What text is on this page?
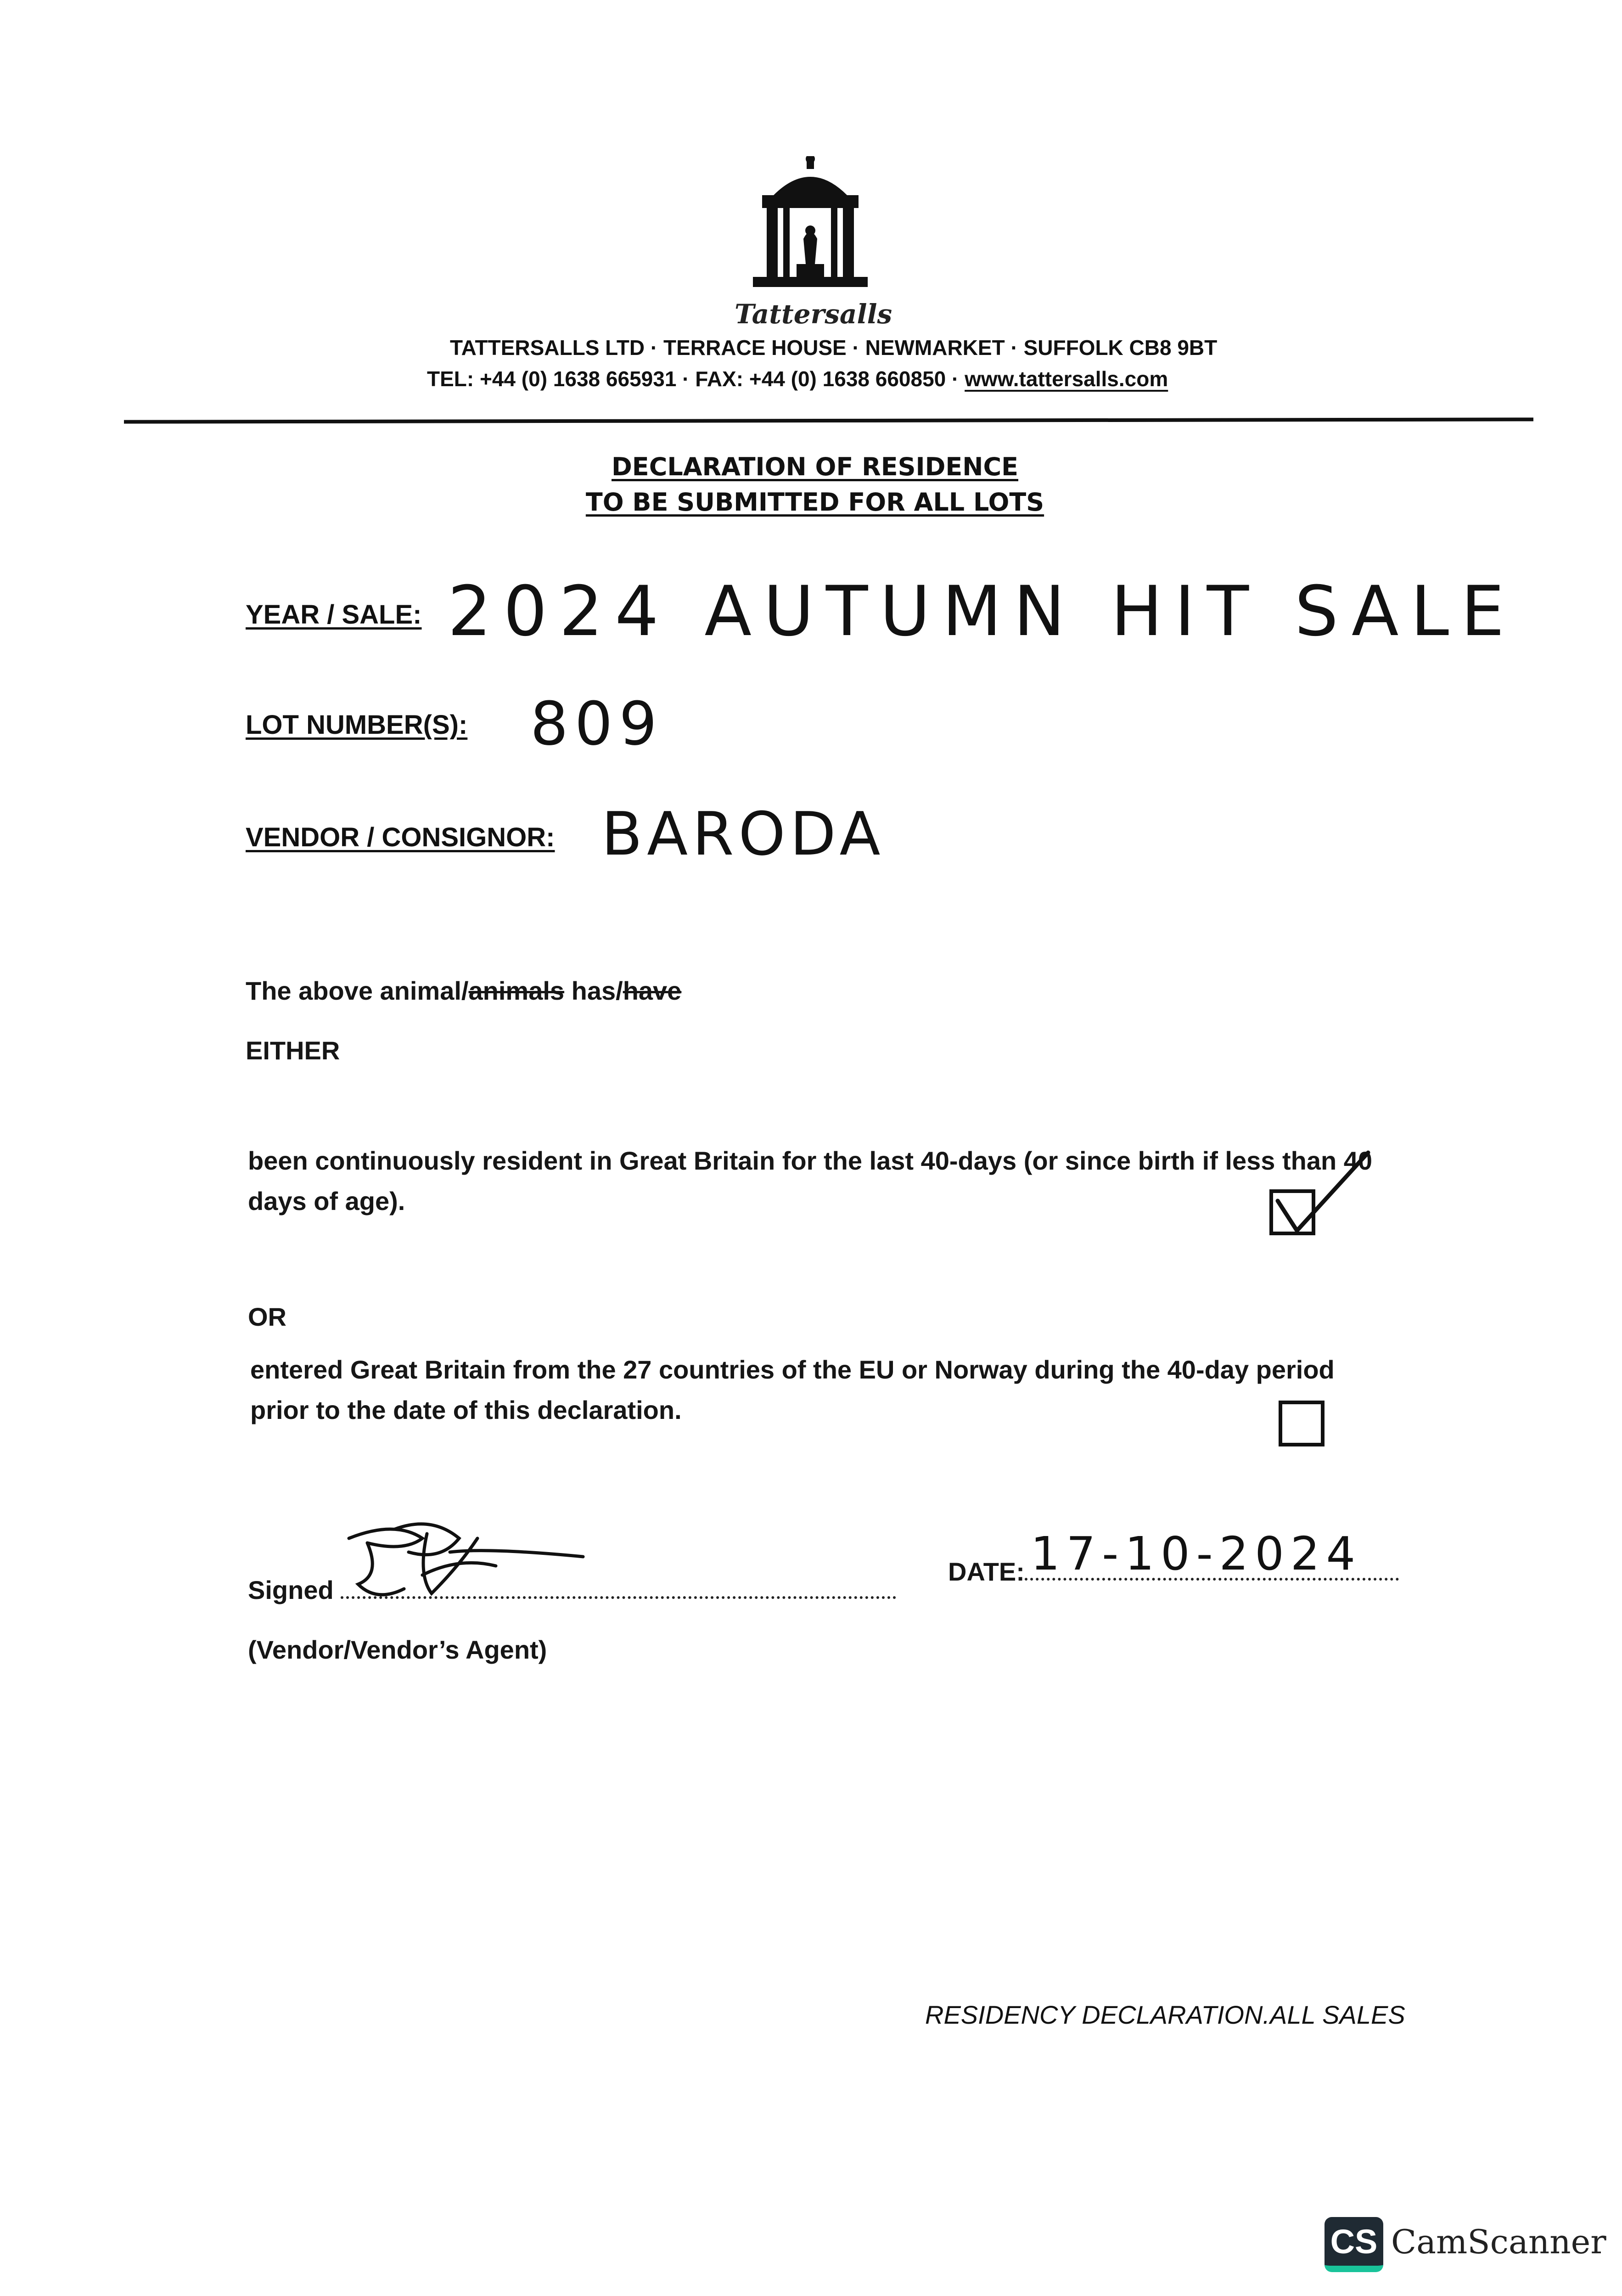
Tattersalls
TATTERSALLS LTD · TERRACE HOUSE · NEWMARKET · SUFFOLK CB8 9BT
TEL: +44 (0) 1638 665931 · FAX: +44 (0) 1638 660850 · www.tattersalls.com
DECLARATION OF RESIDENCE
TO BE SUBMITTED FOR ALL LOTS
YEAR / SALE: 2024 AUTUMN HIT SALE
LOT NUMBER(S): 809
VENDOR / CONSIGNOR: BARODA
The above animal/animals has/have
EITHER
been continuously resident in Great Britain for the last 40-days (or since birth if less than 40
days of age).
OR
entered Great Britain from the 27 countries of the EU or Norway during the 40-day period
prior to the date of this declaration.
Signed
(Vendor/Vendor’s Agent)
DATE: 17-10-2024
RESIDENCY DECLARATION.ALL SALES
CS CamScanner
